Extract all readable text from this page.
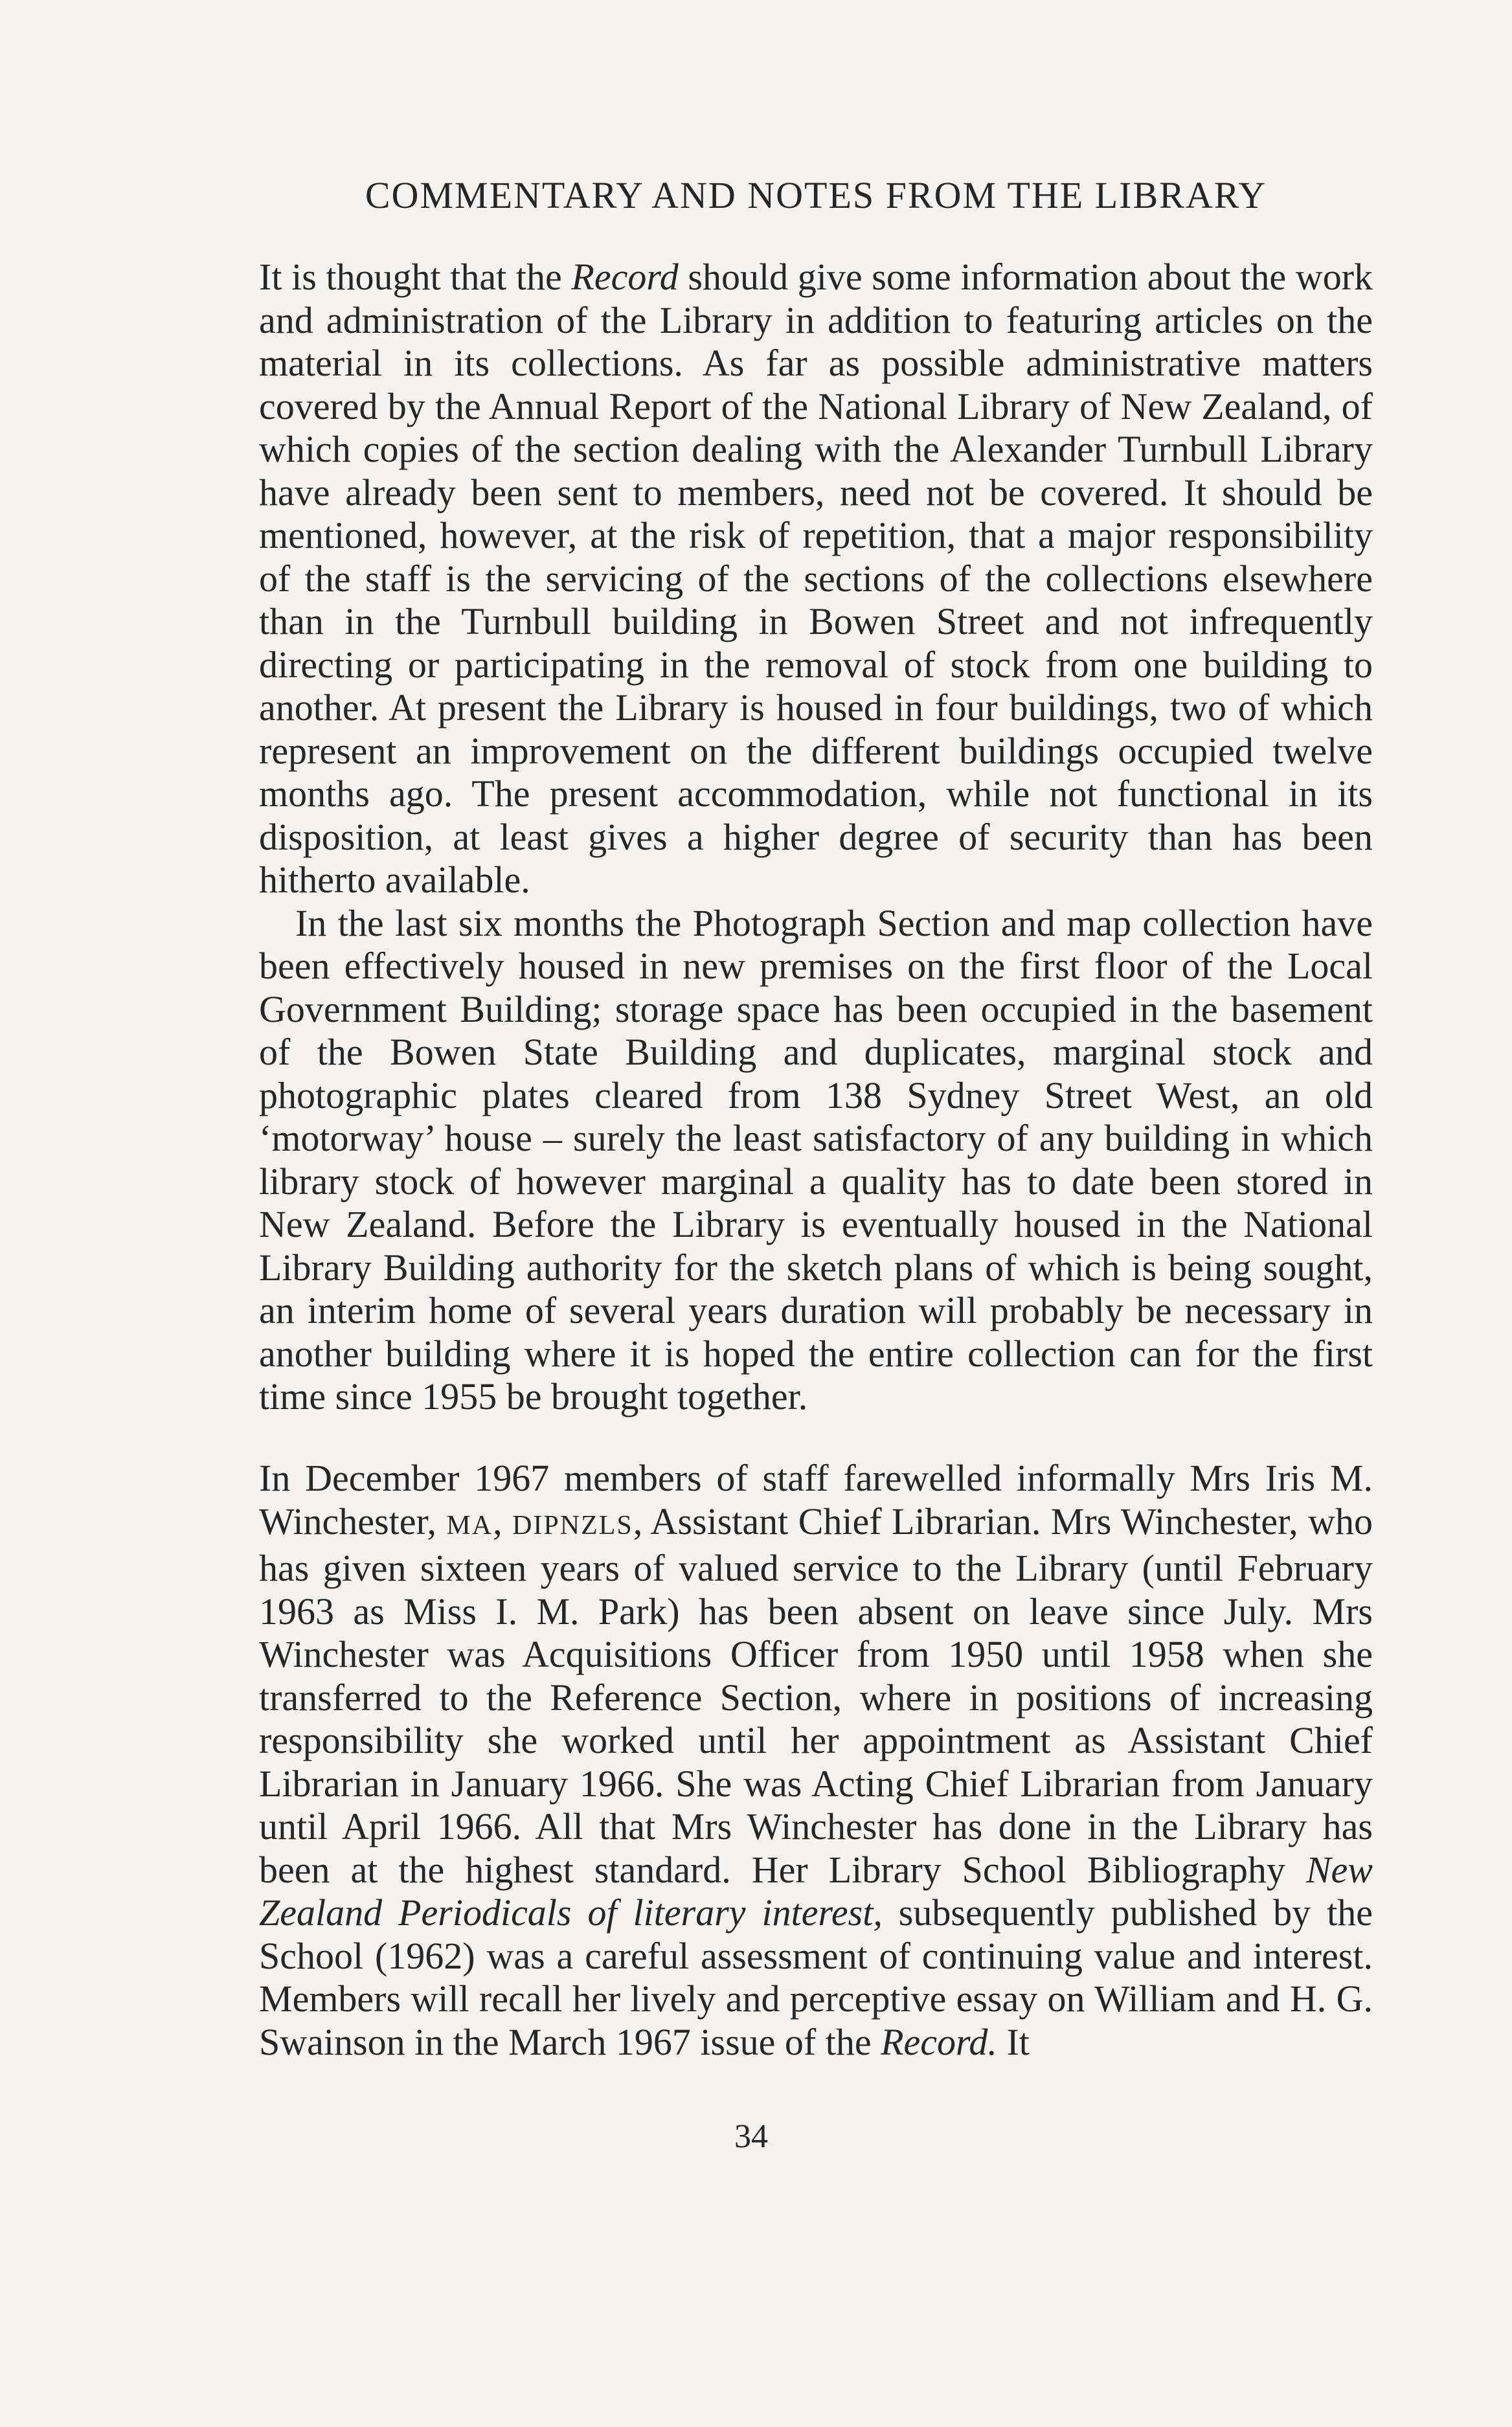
COMMENTARY AND NOTES FROM THE LIBRARY

It is thought that the Record should give some information about the work and administration of the Library in addition to featuring articles on the material in its collections. As far as possible administrative matters covered by the Annual Report of the National Library of New Zealand, of which copies of the section dealing with the Alexander Turnbull Library have already been sent to members, need not be covered. It should be mentioned, however, at the risk of repetition, that a major responsibility of the staff is the servicing of the sections of the collections elsewhere than in the Turnbull building in Bowen Street and not infrequently directing or participating in the removal of stock from one building to another. At present the Library is housed in four buildings, two of which represent an improvement on the different buildings occupied twelve months ago. The present accommodation, while not functional in its disposition, at least gives a higher degree of security than has been hitherto available.

In the last six months the Photograph Section and map collection have been effectively housed in new premises on the first floor of the Local Government Building; storage space has been occupied in the basement of the Bowen State Building and duplicates, marginal stock and photographic plates cleared from 138 Sydney Street West, an old ‘motorway’ house – surely the least satisfactory of any building in which library stock of however marginal a quality has to date been stored in New Zealand. Before the Library is eventually housed in the National Library Building authority for the sketch plans of which is being sought, an interim home of several years duration will probably be necessary in another building where it is hoped the entire collection can for the first time since 1955 be brought together.

In December 1967 members of staff farewelled informally Mrs Iris M. Winchester, MA, DIPNZLS, Assistant Chief Librarian. Mrs Winchester, who has given sixteen years of valued service to the Library (until February 1963 as Miss I. M. Park) has been absent on leave since July. Mrs Winchester was Acquisitions Officer from 1950 until 1958 when she transferred to the Reference Section, where in positions of increasing responsibility she worked until her appointment as Assistant Chief Librarian in January 1966. She was Acting Chief Librarian from January until April 1966. All that Mrs Winchester has done in the Library has been at the highest standard. Her Library School Bibliography New Zealand Periodicals of literary interest, subsequently published by the School (1962) was a careful assessment of continuing value and interest. Members will recall her lively and perceptive essay on William and H. G. Swainson in the March 1967 issue of the Record. It

34
